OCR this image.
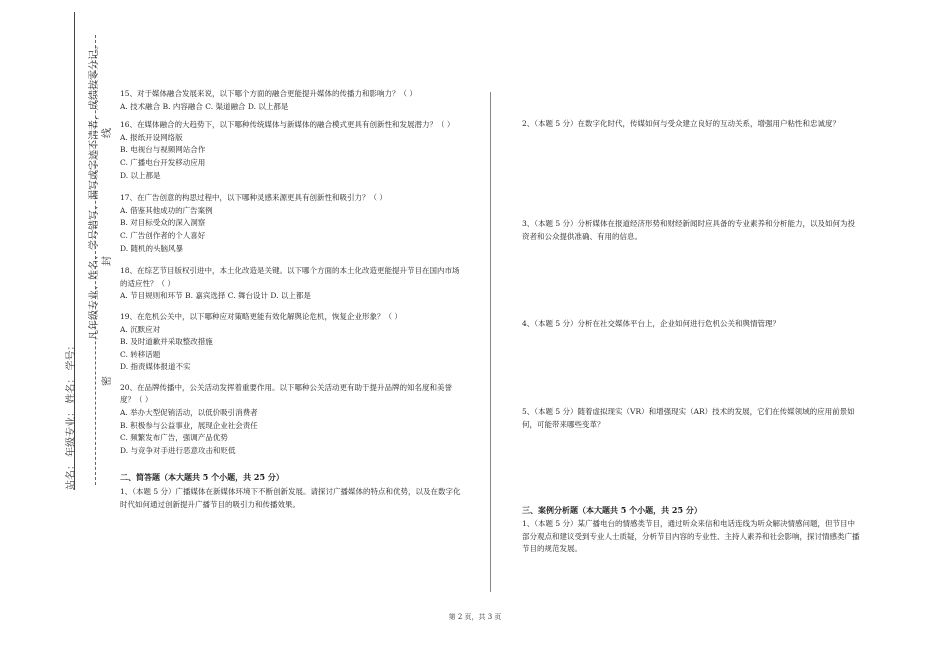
站名： 年级专业： 姓名： 学号：
凡年级专业、姓名、学号错写、漏写或字迹不清者，成绩按零分记。
密
封
线

15、对于媒体融合发展来说，以下哪个方面的融合更能提升媒体的传播力和影响力？（ ）

A. 技术融合 B. 内容融合 C. 渠道融合 D. 以上都是

16、在媒体融合的大趋势下，以下哪种传统媒体与新媒体的融合模式更具有创新性和发展潜力？（ ）

A. 报纸开设网络版

B. 电视台与视频网站合作

C. 广播电台开发移动应用

D. 以上都是

17、在广告创意的构思过程中，以下哪种灵感来源更具有创新性和吸引力？（ ）

A. 借鉴其他成功的广告案例

B. 对目标受众的深入洞察

C. 广告创作者的个人喜好

D. 随机的头脑风暴

18、在综艺节目版权引进中，本土化改造是关键。以下哪个方面的本土化改造更能提升节目在国内市场的适应性？（ ）

A. 节目规则和环节 B. 嘉宾选择 C. 舞台设计 D. 以上都是

19、在危机公关中，以下哪种应对策略更能有效化解舆论危机，恢复企业形象？（ ）

A. 沉默应对

B. 及时道歉并采取整改措施

C. 转移话题

D. 指责媒体报道不实

20、在品牌传播中，公关活动发挥着重要作用。以下哪种公关活动更有助于提升品牌的知名度和美誉度？（ ）

A. 举办大型促销活动，以低价吸引消费者

B. 积极参与公益事业，展现企业社会责任

C. 频繁发布广告，强调产品优势

D. 与竞争对手进行恶意攻击和贬低

二、简答题（本大题共 5 个小题，共 25 分）

1、（本题 5 分）广播媒体在新媒体环境下不断创新发展。请探讨广播媒体的特点和优势，以及在数字化时代如何通过创新提升广播节目的吸引力和传播效果。

2、（本题 5 分）在数字化时代，传媒如何与受众建立良好的互动关系，增强用户粘性和忠诚度？

3、（本题 5 分）分析媒体在报道经济形势和财经新闻时应具备的专业素养和分析能力，以及如何为投资者和公众提供准确、有用的信息。

4、（本题 5 分）分析在社交媒体平台上，企业如何进行危机公关和舆情管理？

5、（本题 5 分）随着虚拟现实（VR）和增强现实（AR）技术的发展，它们在传媒领域的应用前景如何，可能带来哪些变革？

三、案例分析题（本大题共 5 个小题，共 25 分）

1、（本题 5 分）某广播电台的情感类节目，通过听众来信和电话连线为听众解决情感问题，但节目中部分观点和建议受到专业人士质疑，分析节目内容的专业性、主持人素养和社会影响，探讨情感类广播节目的规范发展。

第 2 页，共 3 页
